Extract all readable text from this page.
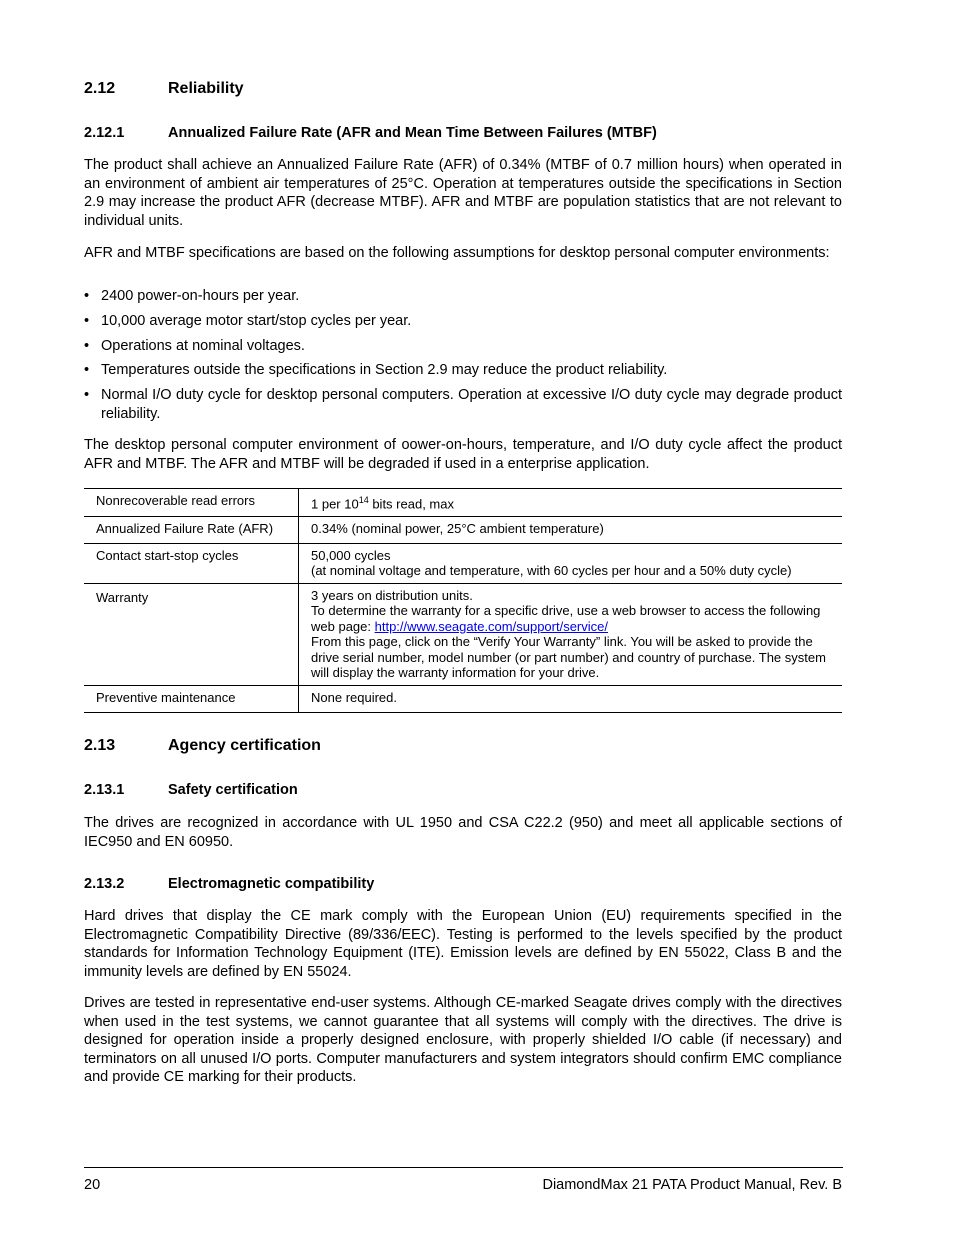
2.12	Reliability
2.12.1	Annualized Failure Rate (AFR and Mean Time Between Failures (MTBF)

The product shall achieve an Annualized Failure Rate (AFR) of 0.34% (MTBF of 0.7 million hours) when operated in an environment of ambient air temperatures of 25°C. Operation at temperatures outside the specifications in Section 2.9 may increase the product AFR (decrease MTBF). AFR and MTBF are population statistics that are not relevant to individual units.

AFR and MTBF specifications are based on the following assumptions for desktop personal computer environments:

• 2400 power-on-hours per year.
• 10,000 average motor start/stop cycles per year.
• Operations at nominal voltages.
• Temperatures outside the specifications in Section 2.9 may reduce the product reliability.
• Normal I/O duty cycle for desktop personal computers. Operation at excessive I/O duty cycle may degrade product reliability.

The desktop personal computer environment of oower-on-hours, temperature, and I/O duty cycle affect the product AFR and MTBF. The AFR and MTBF will be degraded if used in a enterprise application.

Nonrecoverable read errors	1 per $10^{14}$ bits read, max
Annualized Failure Rate (AFR)	0.34% (nominal power, 25°C ambient temperature)
Contact start-stop cycles	50,000 cycles
(at nominal voltage and temperature, with 60 cycles per hour and a 50% duty cycle)

Warranty	3 years on distribution units.
To determine the warranty for a specific drive, use a web browser to access the following web page: http://www.seagate.com/support/service/
From this page, click on the “Verify Your Warranty” link. You will be asked to provide the drive serial number, model number (or part number) and country of purchase. The system will display the warranty information for your drive.

Preventive maintenance	None required.
2.13	Agency certification
2.13.1	Safety certification

The drives are recognized in accordance with UL 1950 and CSA C22.2 (950) and meet all applicable sections of IEC950 and EN 60950.

2.13.2	Electromagnetic compatibility

Hard drives that display the CE mark comply with the European Union (EU) requirements specified in the Electromagnetic Compatibility Directive (89/336/EEC). Testing is performed to the levels specified by the product standards for Information Technology Equipment (ITE). Emission levels are defined by EN 55022, Class B and the immunity levels are defined by EN 55024.

Drives are tested in representative end-user systems. Although CE-marked Seagate drives comply with the directives when used in the test systems, we cannot guarantee that all systems will comply with the directives. The drive is designed for operation inside a properly designed enclosure, with properly shielded I/O cable (if necessary) and terminators on all unused I/O ports. Computer manufacturers and system integrators should confirm EMC compliance and provide CE marking for their products.

20	DiamondMax 21 PATA Product Manual, Rev. B
